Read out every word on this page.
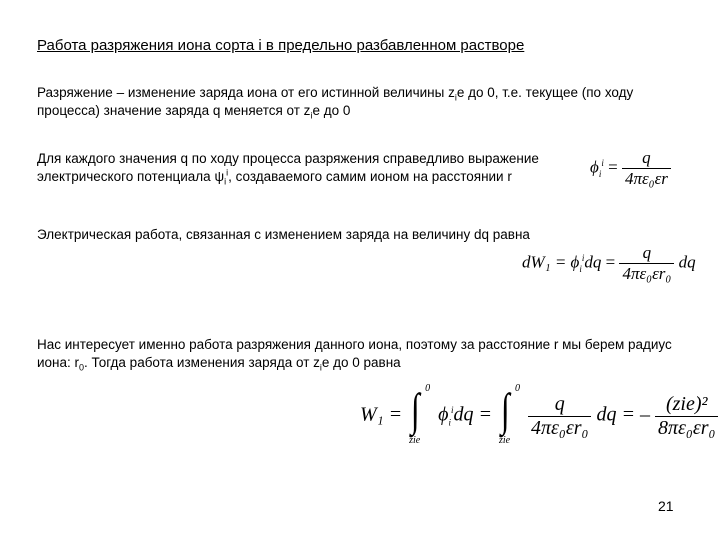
Работа разряжения иона сорта i в предельно разбавленном растворе
Разряжение – изменение заряда иона от его истинной величины $z_ie$ до 0, т.е. текущее (по ходу процесса) значение заряда q меняется от $z_ie$ до 0
Для каждого значения q по ходу процесса разряжения справедливо выражение электрического потенциала $\psi_i^i$, создаваемого самим ионом на расстоянии r
$\phi_i^i = \frac{q}{\text{4πε₀εr}}$
Электрическая работа, связанная с изменением заряда на величину dq равна
$dW_1 = \phi_i^idq = \frac{q}{\text{4πε₀εr₀}}$ dq
Нас интересует именно работа разряжения данного иона, поэтому за расстояние r мы берем радиус иона: $r_0$. Тогда работа изменения заряда от $z_ie$ до 0 равна
W₁ = ∫ 0
zie
$\phi_i^idq$ = ∫ 0
zie

$\frac{q}{\text{4πε₀εr₀}}$ dq = – $\frac{\text{(zie)²}}{\text{8πε₀εr₀}}$
21
